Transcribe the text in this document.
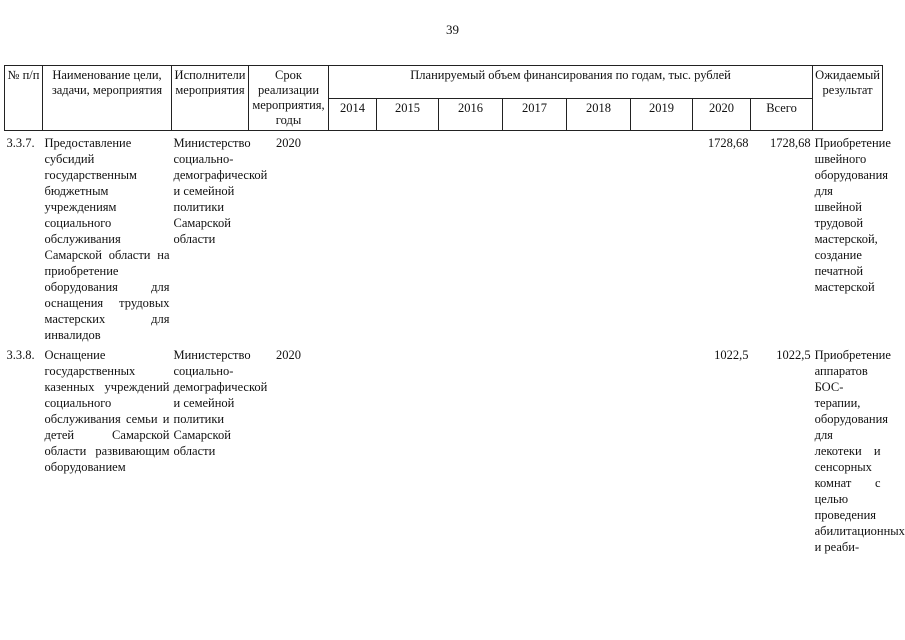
39
№ п/п	Наименование цели, задачи, мероприятия	Исполнители мероприятия	Срок реализации мероприятия, годы	Планируемый объем финансирования по годам, тыс. рублей								Ожидаемый результат
				2014	2015	2016	2017	2018	2019	2020	Всего	
3.3.7.	Предоставление субсидий государственным бюджетным учреждениям социального обслуживания Самарской области на приобретение оборудования для оснащения трудовых мастерских для инвалидов	Министерство социально-демографической и семейной политики Самарской области	2020							1728,68	1728,68	Приобретение швейного оборудования для швейной трудовой мастерской, создание печатной мастерской
3.3.8.	Оснащение государственных казенных учреждений социального обслуживания семьи и детей Самарской области развивающим оборудованием	Министерство социально-демографической и семейной политики Самарской области	2020							1022,5	1022,5	Приобретение аппаратов БОС-терапии, оборудования для лекотеки и сенсорных комнат с целью проведения абилитационных и реаби-
